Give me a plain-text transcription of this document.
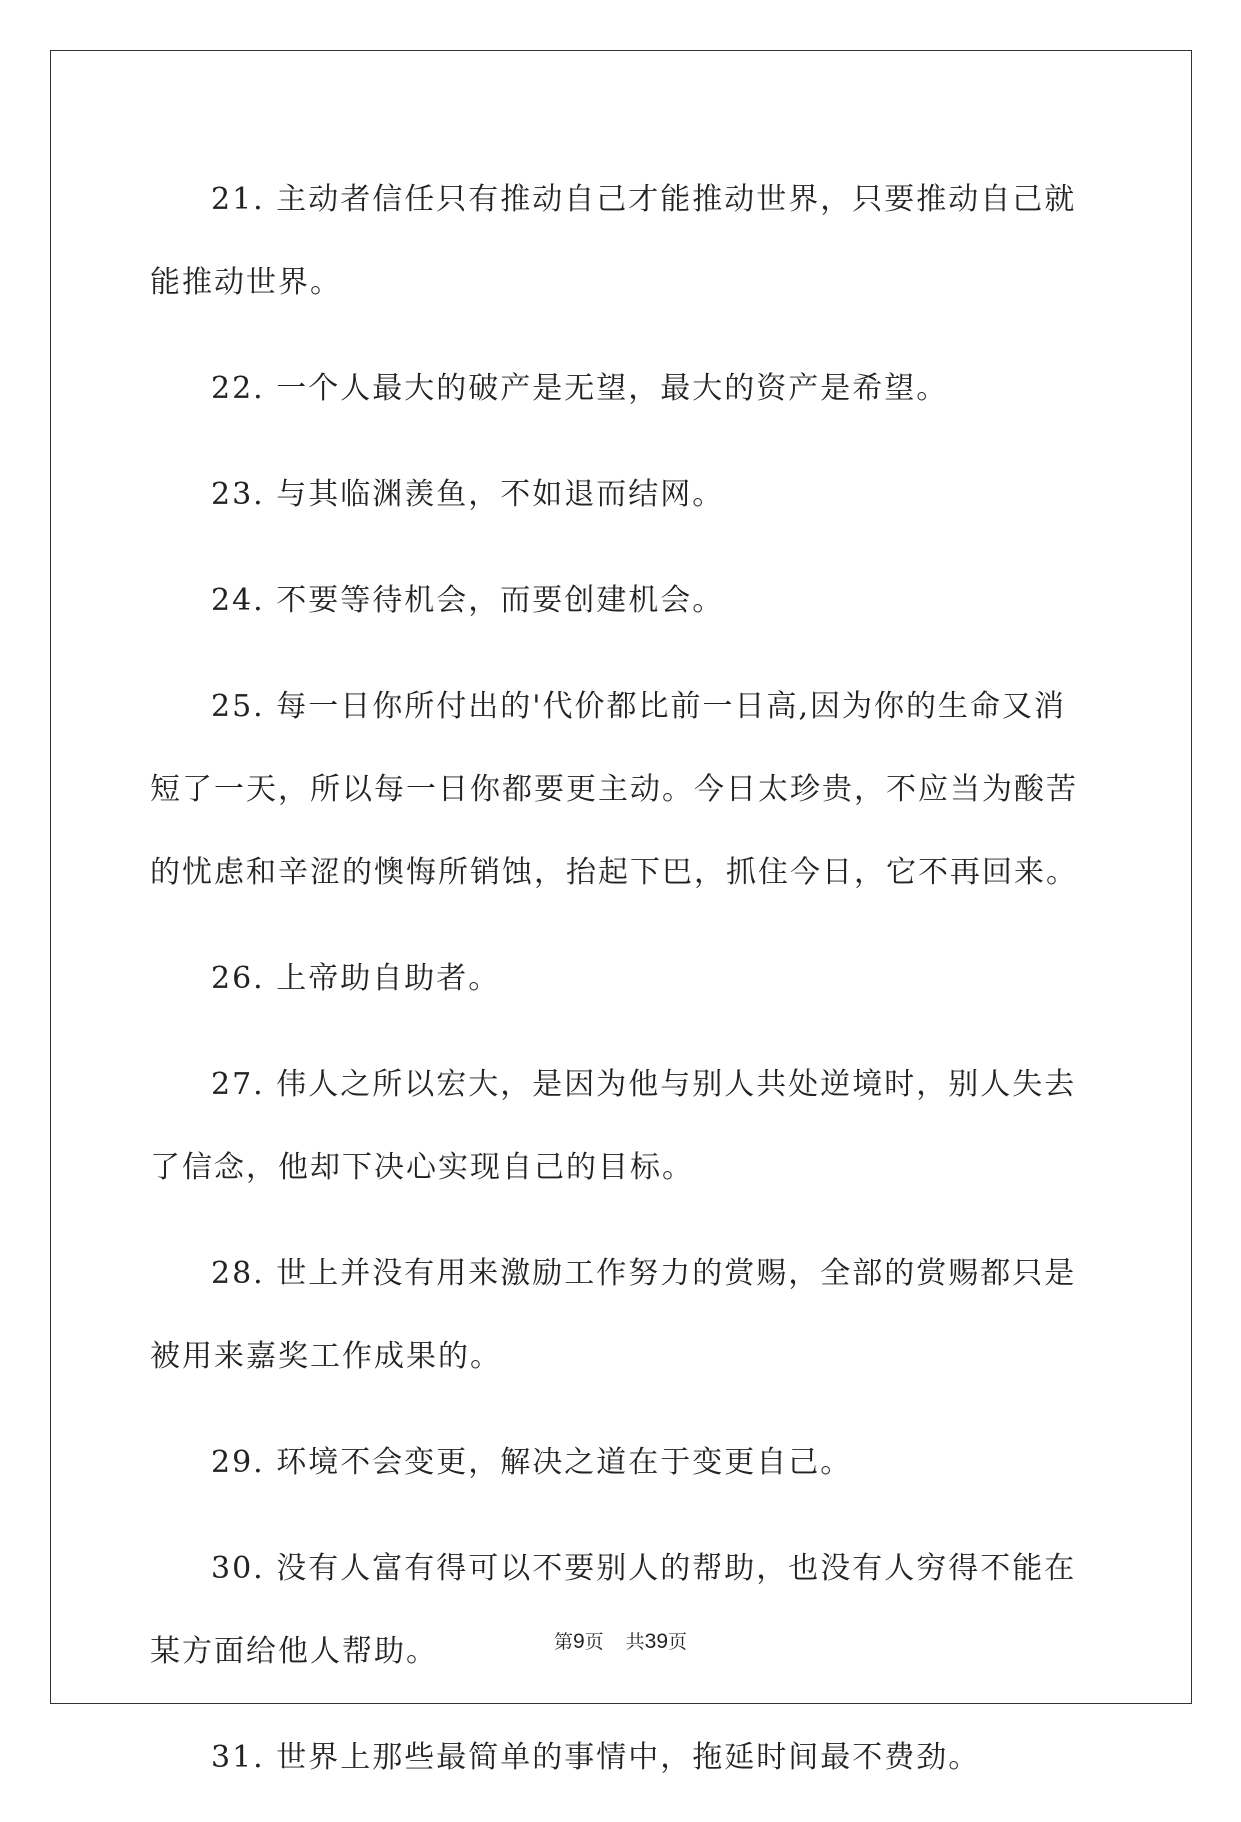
21. 主动者信任只有推动自己才能推动世界，只要推动自己就能推动世界。

22. 一个人最大的破产是无望，最大的资产是希望。

23. 与其临渊羡鱼，不如退而结网。

24. 不要等待机会，而要创建机会。

25. 每一日你所付出的'代价都比前一日高,因为你的生命又消短了一天，所以每一日你都要更主动。今日太珍贵，不应当为酸苦的忧虑和辛涩的懊悔所销蚀，抬起下巴，抓住今日，它不再回来。

26. 上帝助自助者。

27. 伟人之所以宏大，是因为他与别人共处逆境时，别人失去了信念，他却下决心实现自己的目标。

28. 世上并没有用来激励工作努力的赏赐，全部的赏赐都只是被用来嘉奖工作成果的。

29. 环境不会变更，解决之道在于变更自己。

30. 没有人富有得可以不要别人的帮助，也没有人穷得不能在某方面给他人帮助。

31. 世界上那些最简单的事情中，拖延时间最不费劲。

第9页 共39页
